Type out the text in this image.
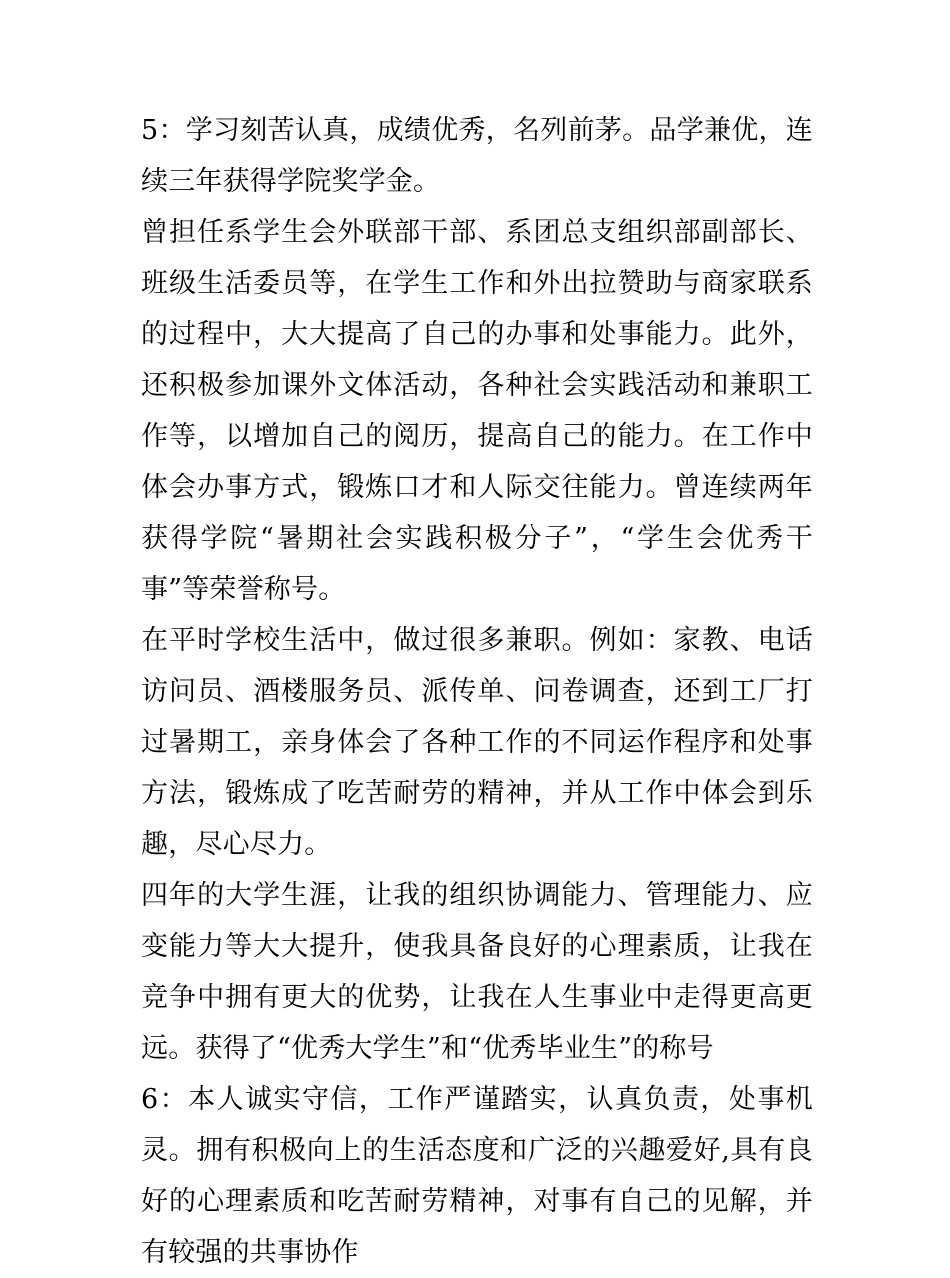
5：学习刻苦认真，成绩优秀，名列前茅。品学兼优，连续三年获得学院奖学金。

曾担任系学生会外联部干部、系团总支组织部副部长、班级生活委员等，在学生工作和外出拉赞助与商家联系的过程中，大大提高了自己的办事和处事能力。此外，还积极参加课外文体活动，各种社会实践活动和兼职工作等，以增加自己的阅历，提高自己的能力。在工作中体会办事方式，锻炼口才和人际交往能力。曾连续两年获得学院“暑期社会实践积极分子”，“学生会优秀干事”等荣誉称号。

在平时学校生活中，做过很多兼职。例如：家教、电话访问员、酒楼服务员、派传单、问卷调查，还到工厂打过暑期工，亲身体会了各种工作的不同运作程序和处事方法，锻炼成了吃苦耐劳的精神，并从工作中体会到乐趣，尽心尽力。

四年的大学生涯，让我的组织协调能力、管理能力、应变能力等大大提升，使我具备良好的心理素质，让我在竞争中拥有更大的优势，让我在人生事业中走得更高更远。获得了“优秀大学生”和“优秀毕业生”的称号

6：本人诚实守信，工作严谨踏实，认真负责，处事机灵。拥有积极向上的生活态度和广泛的兴趣爱好,具有良好的心理素质和吃苦耐劳精神，对事有自己的见解，并有较强的共事协作
